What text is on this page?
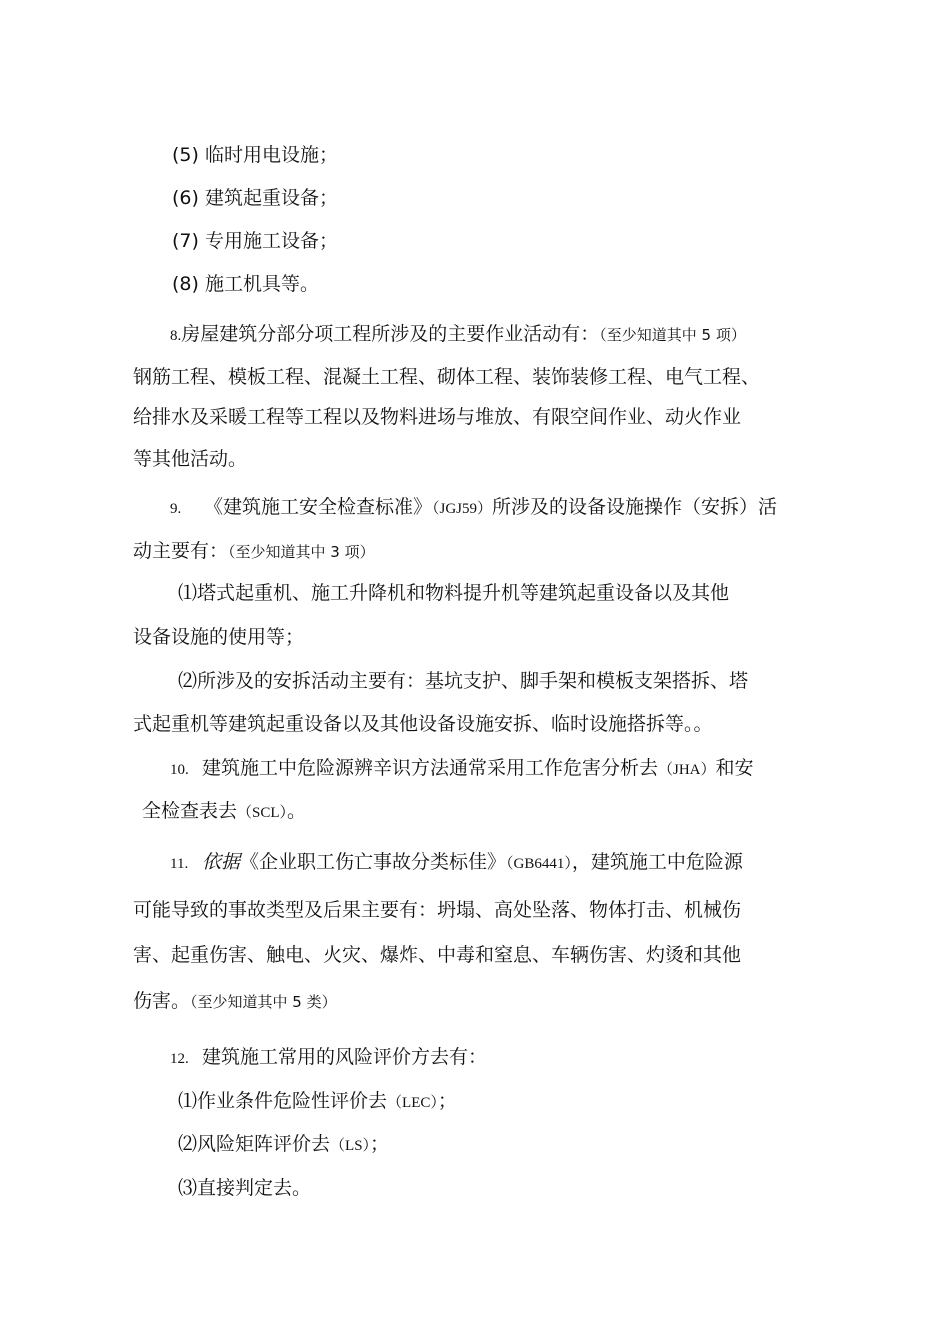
(5) 临时用电设施；
(6) 建筑起重设备；
(7) 专用施工设备；
(8) 施工机具等。
8.房屋建筑分部分项工程所涉及的主要作业活动有：（至少知道其中 5 项）
钢筋工程、模板工程、混凝土工程、砌体工程、装饰装修工程、电气工程、
给排水及采暖工程等工程以及物料进场与堆放、有限空间作业、动火作业
等其他活动。
9. 《建筑施工安全检查标准》（JGJ59）所涉及的设备设施操作（安拆）活
动主要有：（至少知道其中 3 项）
⑴塔式起重机、施工升降机和物料提升机等建筑起重设备以及其他
设备设施的使用等；
⑵所涉及的安拆活动主要有：基坑支护、脚手架和模板支架搭拆、塔
式起重机等建筑起重设备以及其他设备设施安拆、临时设施搭拆等。。
10. 建筑施工中危险源辨辛识方法通常采用工作危害分析去（JHA）和安
全检查表去（SCL）。
11. 依据《企业职工伤亡事故分类标佳》（GB6441），建筑施工中危险源
可能导致的事故类型及后果主要有：坍塌、高处坠落、物体打击、机械伤
害、起重伤害、触电、火灾、爆炸、中毒和窒息、车辆伤害、灼烫和其他
伤害。（至少知道其中 5 类）
12. 建筑施工常用的风险评价方去有：
⑴作业条件危险性评价去（LEC）；
⑵风险矩阵评价去（LS）；
⑶直接判定去。
